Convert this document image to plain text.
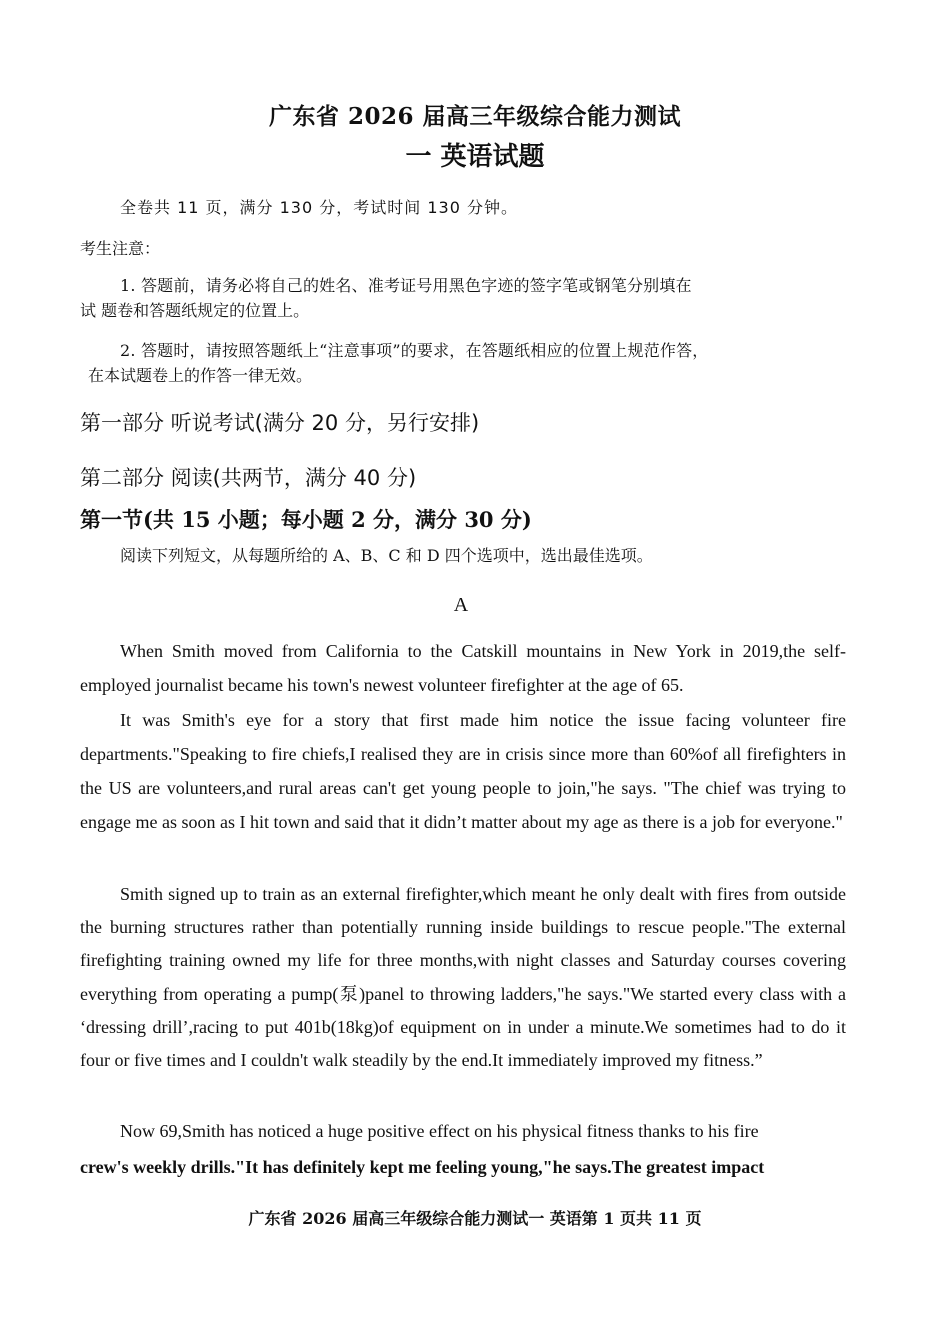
广东省 2026 届高三年级综合能力测试
一 英语试题
全卷共 11 页，满分 130 分，考试时间 130 分钟。
考生注意：
1. 答题前，请务必将自己的姓名、准考证号用黑色字迹的签字笔或钢笔分别填在
试 题卷和答题纸规定的位置上。
2. 答题时，请按照答题纸上“注意事项”的要求，在答题纸相应的位置上规范作答，
在本试题卷上的作答一律无效。
第一部分 听说考试(满分 20 分，另行安排)
第二部分 阅读(共两节，满分 40 分)
第一节(共 15 小题；每小题 2 分，满分 30 分)
阅读下列短文，从每题所给的 A、B、C 和 D 四个选项中，选出最佳选项。
A

When Smith moved from California to the Catskill mountains in New York in 2019,the self-employed journalist became his town's newest volunteer firefighter at the age of 65.

It was Smith's eye for a story that first made him notice the issue facing volunteer fire departments."Speaking to fire chiefs,I realised they are in crisis since more than 60%of all firefighters in the US are volunteers,and rural areas can't get young people to join,"he says. "The chief was trying to engage me as soon as I hit town and said that it didn’t matter about my age as there is a job for everyone."

Smith signed up to train as an external firefighter,which meant he only dealt with fires from outside the burning structures rather than potentially running inside buildings to rescue people."The external firefighting training owned my life for three months,with night classes and Saturday courses covering everything from operating a pump(泵)panel to throwing ladders,"he says."We started every class with a ‘dressing drill’,racing to put 401b(18kg)of equipment on in under a minute.We sometimes had to do it four or five times and I couldn't walk steadily by the end.It immediately improved my fitness.”

Now 69,Smith has noticed a huge positive effect on his physical fitness thanks to his fire

crew's weekly drills."It has definitely kept me feeling young,"he says.The greatest impact
广东省 2026 届高三年级综合能力测试一 英语第 1 页共 11 页
